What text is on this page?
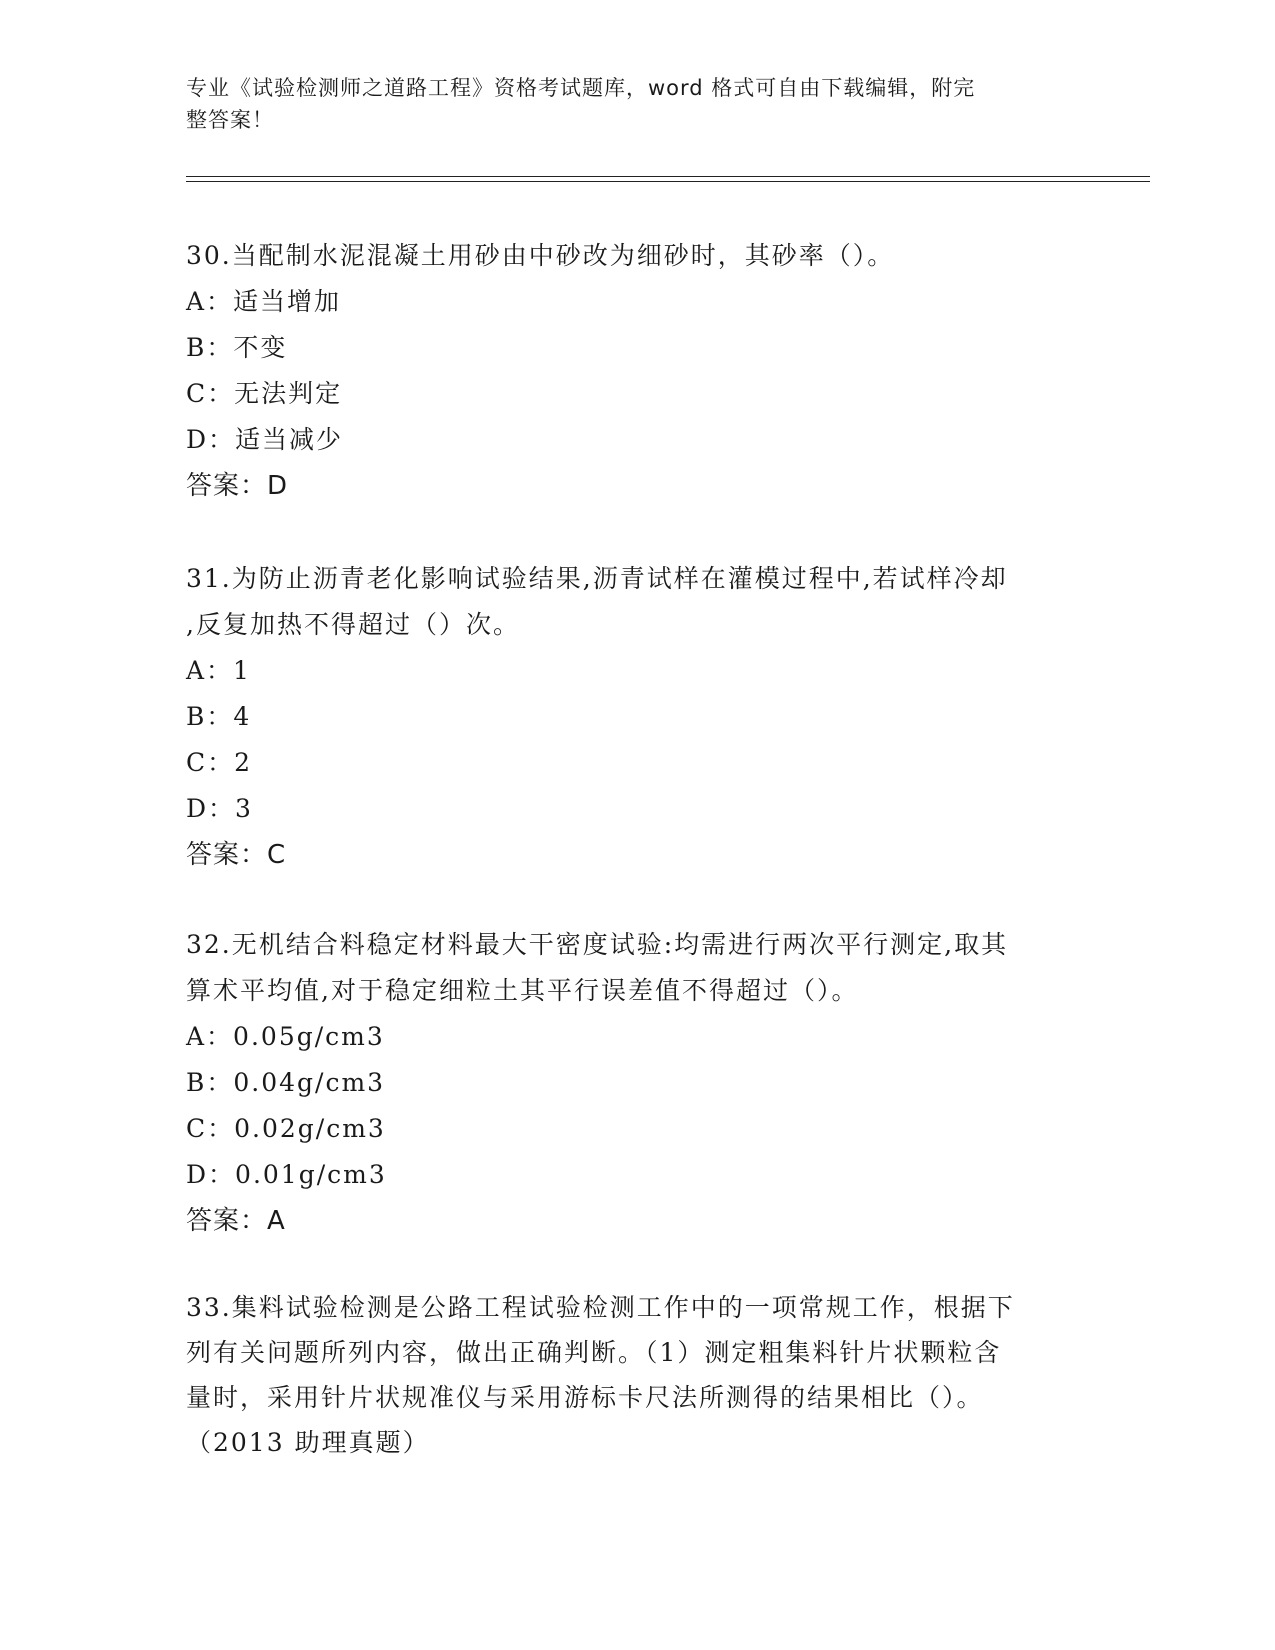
专业《试验检测师之道路工程》资格考试题库，word 格式可自由下载编辑，附完
整答案！
30.当配制水泥混凝土用砂由中砂改为细砂时，其砂率（）。
A：适当增加
B：不变
C：无法判定
D：适当减少
答案：D
31.为防止沥青老化影响试验结果,沥青试样在灌模过程中,若试样冷却
,反复加热不得超过（）次。
A：1
B：4
C：2
D：3
答案：C
32.无机结合料稳定材料最大干密度试验:均需进行两次平行测定,取其
算术平均值,对于稳定细粒土其平行误差值不得超过（）。
A：0.05g/cm3
B：0.04g/cm3
C：0.02g/cm3
D：0.01g/cm3
答案：A
33.集料试验检测是公路工程试验检测工作中的一项常规工作，根据下
列有关问题所列内容，做出正确判断。（1）测定粗集料针片状颗粒含
量时，采用针片状规准仪与采用游标卡尺法所测得的结果相比（）。
（2013 助理真题）
